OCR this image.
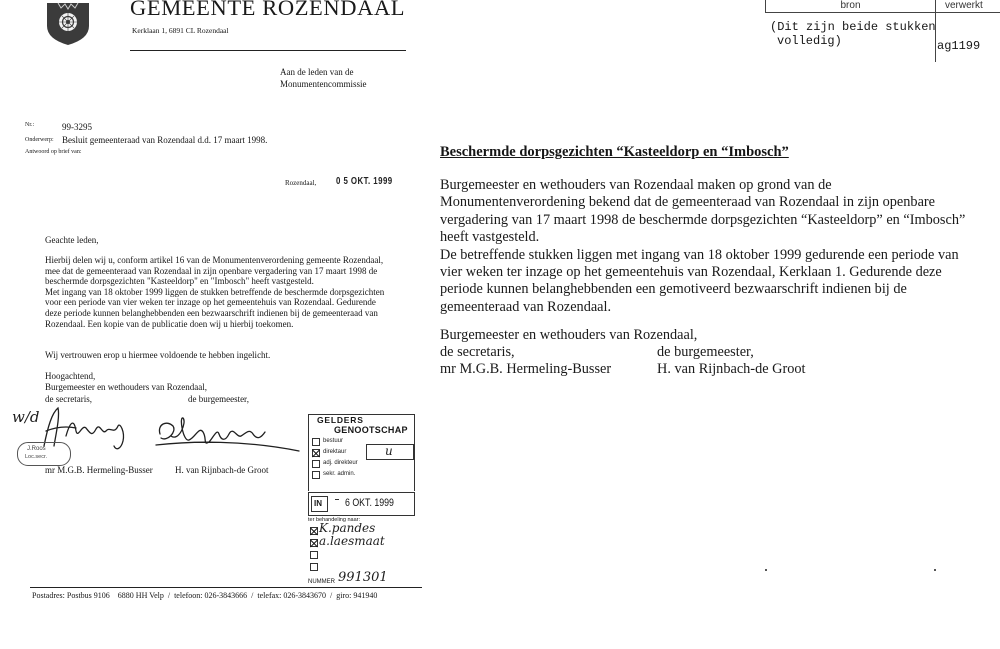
GEMEENTE ROZENDAAL
Kerklaan 1, 6891 CL Rozendaal
Aan de leden van de
Monumentencommissie
Nr.:	99-3295
Onderwerp: Besluit gemeenteraad van Rozendaal d.d. 17 maart 1998.
Antwoord op brief van:
Rozendaal, 0 5 OKT. 1999
Geachte leden,
Hierbij delen wij u, conform artikel 16 van de Monumentenverordening gemeente Rozendaal,
mee dat de gemeenteraad van Rozendaal in zijn openbare vergadering van 17 maart 1998 de
beschermde dorpsgezichten "Kasteeldorp" en "Imbosch" heeft vastgesteld.
Met ingang van 18 oktober 1999 liggen de stukken betreffende de beschermde dorpsgezichten
voor een periode van vier weken ter inzage op het gemeentehuis van Rozendaal. Gedurende
deze periode kunnen belanghebbenden een bezwaarschrift indienen bij de gemeenteraad van
Rozendaal. Een kopie van de publicatie doen wij u hierbij toekomen.
Wij vertrouwen erop u hiermee voldoende te hebben ingelicht.
Hoogachtend,
Burgemeester en wethouders van Rozendaal,
de secretaris,	de burgemeester,
w/d
J.Roos
Loc.secr.
mr M.G.B. Hermeling-Busser H. van Rijnbach-de Groot
GELDERS
GENOOTSCHAP
bestuur
direktaur
adj. direkteur
sekr. admin.
u
IN 6 OKT. 1999
ter behandeling naar:
K.pandes
a.laesmaat
NUMMER 991301
Postadres: Postbus 9106    6880 HH Velp  /  telefoon: 026-3843666  /  telefax: 026-3843670  /  giro: 941940
bron	verwerkt
(Dit zijn beide stukken
volledig)	ag1199
Beschermde dorpsgezichten “Kasteeldorp en “Imbosch”
Burgemeester en wethouders van Rozendaal maken op grond van de
Monumentenverordening bekend dat de gemeenteraad van Rozendaal in zijn openbare
vergadering van 17 maart 1998 de beschermde dorpsgezichten “Kasteeldorp” en “Imbosch”
heeft vastgesteld.
De betreffende stukken liggen met ingang van 18 oktober 1999 gedurende een periode van
vier weken ter inzage op het gemeentehuis van Rozendaal, Kerklaan 1. Gedurende deze
periode kunnen belanghebbenden een gemotiveerd bezwaarschrift indienen bij de
gemeenteraad van Rozendaal.
Burgemeester en wethouders van Rozendaal,
de secretaris,	de burgemeester,
mr M.G.B. Hermeling-Busser	H. van Rijnbach-de Groot
